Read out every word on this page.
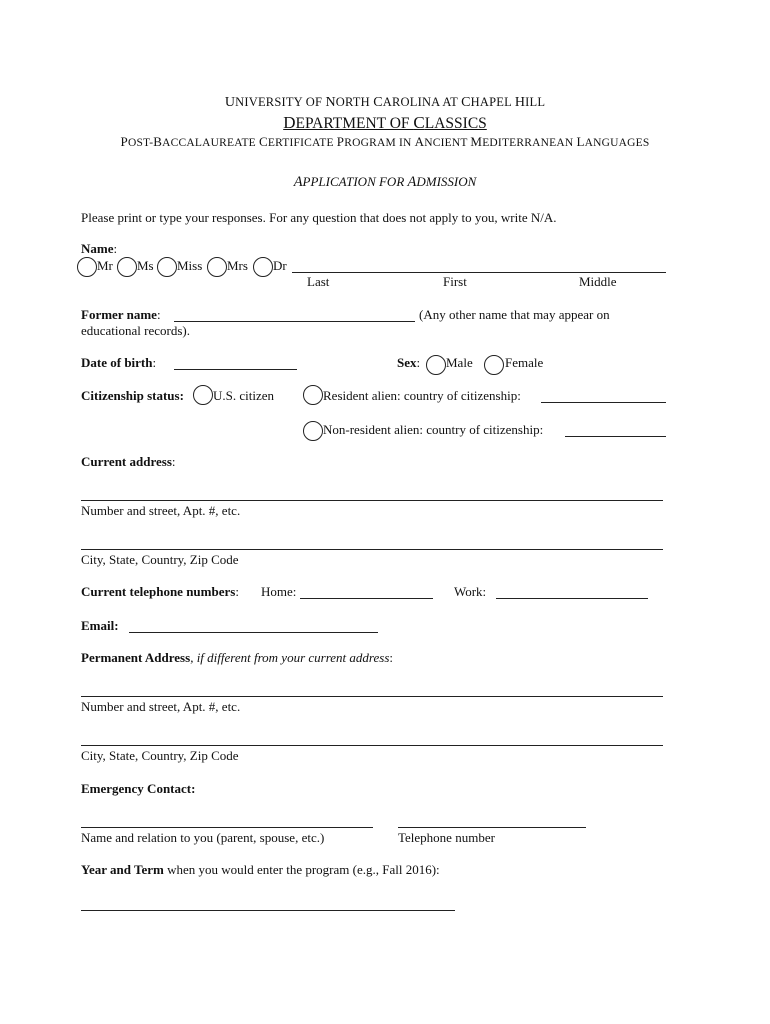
UNIVERSITY OF NORTH CAROLINA AT CHAPEL HILL
DEPARTMENT OF CLASSICS
POST-BACCALAUREATE CERTIFICATE PROGRAM IN ANCIENT MEDITERRANEAN LANGUAGES
APPLICATION FOR ADMISSION
Please print or type your responses. For any question that does not apply to you, write N/A.
Name:
Mr Ms Miss Mrs Dr
Last	First	Middle
Former name:	(Any other name that may appear on
educational records).
Date of birth:	Sex: Male Female
Citizenship status: U.S. citizen	Resident alien: country of citizenship:
Non-resident alien: country of citizenship:
Current address:
Number and street, Apt. #, etc.
City, State, Country, Zip Code
Current telephone numbers: Home:	Work:
Email:
Permanent Address, if different from your current address:
Number and street, Apt. #, etc.
City, State, Country, Zip Code
Emergency Contact:
Name and relation to you (parent, spouse, etc.)	Telephone number
Year and Term when you would enter the program (e.g., Fall 2016):
